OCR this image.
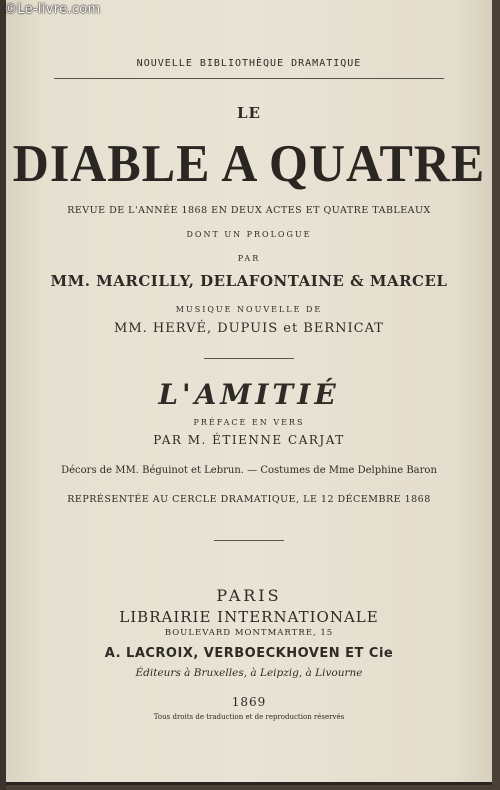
NOUVELLE BIBLIOTHÈQUE DRAMATIQUE
LE
DIABLE A QUATRE
REVUE DE L'ANNÉE 1868 EN DEUX ACTES ET QUATRE TABLEAUX
DONT UN PROLOGUE
PAR
MM. MARCILLY, DELAFONTAINE & MARCEL
MUSIQUE NOUVELLE DE
MM. HERVÉ, DUPUIS et BERNICAT
L'AMITIÉ
PRÉFACE EN VERS
PAR M. ÉTIENNE CARJAT
Décors de MM. Béguinot et Lebrun. — Costumes de Mme Delphine Baron
REPRÉSENTÉE AU CERCLE DRAMATIQUE, LE 12 DÉCEMBRE 1868
PARIS
LIBRAIRIE INTERNATIONALE
BOULEVARD MONTMARTRE, 15
A. LACROIX, VERBOECKHOVEN ET Cie
Éditeurs à Bruxelles, à Leipzig, à Livourne
1869
Tous droits de traduction et de reproduction réservés
©Le-livre.com
